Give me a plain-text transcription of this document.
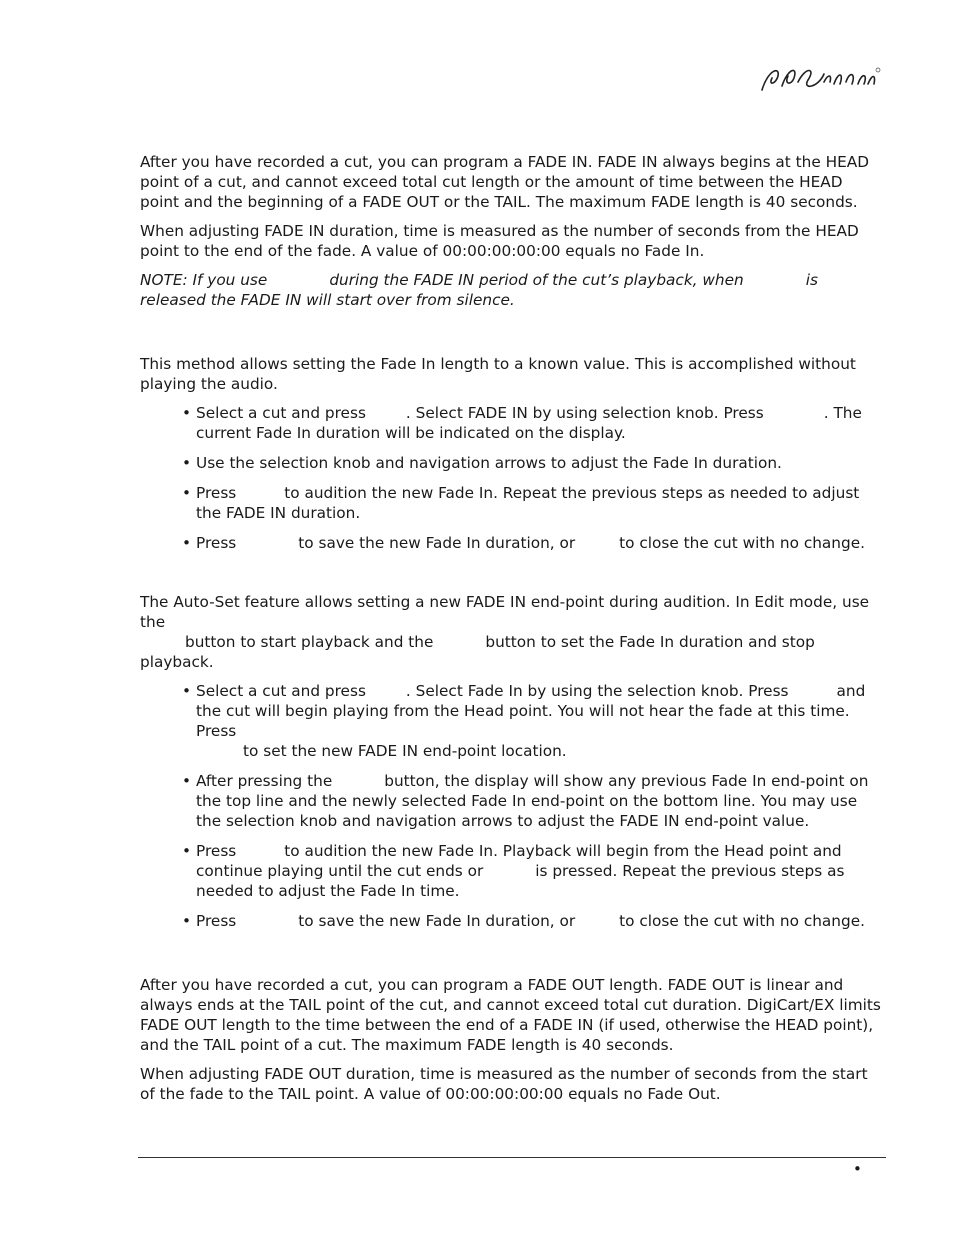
After you have recorded a cut, you can program a FADE IN. FADE IN always begins at the HEAD point of a cut, and cannot exceed total cut length or the amount of time between the HEAD point and the beginning of a FADE OUT or the TAIL. The maximum FADE length is 40 seconds.

When adjusting FADE IN duration, time is measured as the number of seconds from the HEAD point to the end of the fade. A value of 00:00:00:00:00 equals no Fade In.

NOTE: If you use	during the FADE IN period of the cut’s playback, when	is released the FADE IN will start over from silence.

This method allows setting the Fade In length to a known value. This is accomplished without playing the audio.

• Select a cut and press	. Select FADE IN by using selection knob. Press	. The current Fade In duration will be indicated on the display.
• Use the selection knob and navigation arrows to adjust the Fade In duration.
• Press	to audition the new Fade In. Repeat the previous steps as needed to adjust the FADE IN duration.
• Press	to save the new Fade In duration, or	to close the cut with no change.

The Auto-Set feature allows setting a new FADE IN end-point during audition. In Edit mode, use the
button to start playback and the	button to set the Fade In duration and stop playback.

• Select a cut and press	. Select Fade In by using the selection knob. Press	and the cut will begin playing from the Head point. You will not hear the fade at this time. Press
to set the new FADE IN end-point location.
• After pressing the	button, the display will show any previous Fade In end-point on the top line and the newly selected Fade In end-point on the bottom line. You may use the selection knob and navigation arrows to adjust the FADE IN end-point value.
• Press	to audition the new Fade In. Playback will begin from the Head point and continue playing until the cut ends or	is pressed. Repeat the previous steps as needed to adjust the Fade In time.
• Press	to save the new Fade In duration, or	to close the cut with no change.

After you have recorded a cut, you can program a FADE OUT length. FADE OUT is linear and always ends at the TAIL point of the cut, and cannot exceed total cut duration. DigiCart/EX limits FADE OUT length to the time between the end of a FADE IN (if used, otherwise the HEAD point), and the TAIL point of a cut. The maximum FADE length is 40 seconds.

When adjusting FADE OUT duration, time is measured as the number of seconds from the start of the fade to the TAIL point. A value of 00:00:00:00:00 equals no Fade Out.

•
